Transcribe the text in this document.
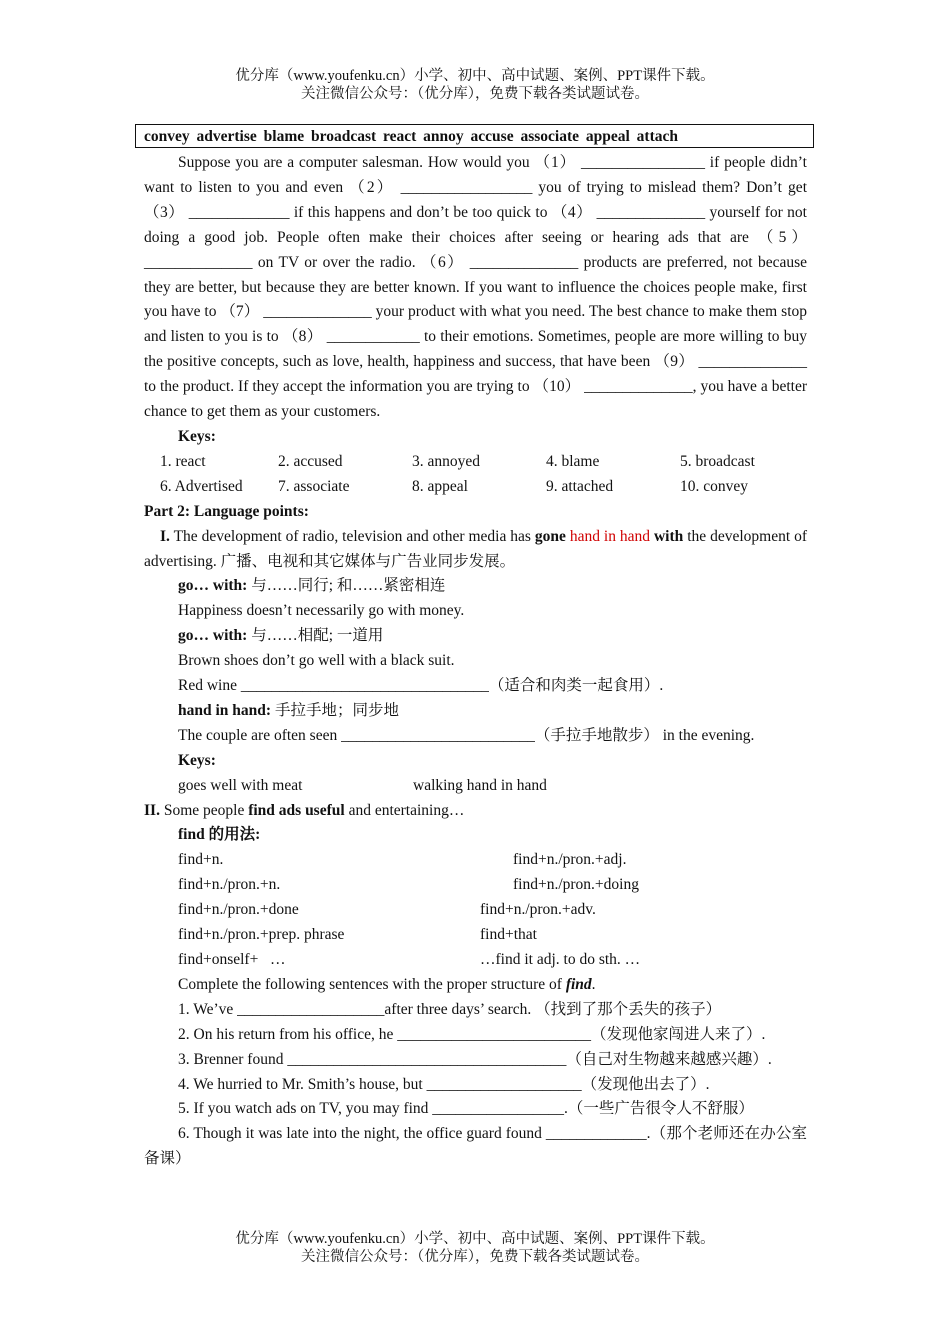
优分库（www.youfenku.cn）小学、初中、高中试题、案例、PPT课件下载。
关注微信公众号：（优分库），免费下载各类试题试卷。
convey advertise blame broadcast react annoy accuse associate appeal attach

Suppose you are a computer salesman. How would you （1） ________________ if people didn’t want to listen to you and even （2） _________________ you of trying to mislead them? Don’t get （3） _____________ if this happens and don’t be too quick to （4） ______________ yourself for not doing a good job. People often make their choices after seeing or hearing ads that are （5） ______________ on TV or over the radio. （6） ______________ products are preferred, not because they are better, but because they are better known. If you want to influence the choices people make, first you have to （7） ______________ your product with what you need. The best chance to make them stop and listen to you is to （8） ____________ to their emotions. Sometimes, people are more willing to buy the positive concepts, such as love, health, happiness and success, that have been （9） ______________ to the product. If they accept the information you are trying to （10） ______________, you have a better chance to get them as your customers.

Keys:

1. react	2. accused	3. annoyed	4. blame	5. broadcast
6. Advertised	7. associate	8. appeal	9. attached	10. convey

Part 2: Language points:

I. The development of radio, television and other media has gone hand in hand with the development of advertising. 广播、电视和其它媒体与广告业同步发展。

go… with: 与……同行; 和……紧密相连

Happiness doesn’t necessarily go with money.

go… with: 与……相配; 一道用

Brown shoes don’t go well with a black suit.

Red wine ________________________________（适合和肉类一起食用）.

hand in hand: 手拉手地；同步地

The couple are often seen _________________________（手拉手地散步） in the evening.

Keys:

goes well with meat	walking hand in hand

II. Some people find ads useful and entertaining…

find 的用法:

find+n.	find+n./pron.+adj.
find+n./pron.+n.	find+n./pron.+doing
find+n./pron.+done	find+n./pron.+adv.
find+n./pron.+prep. phrase	find+that
find+onself+   …	…find it adj. to do sth. …

Complete the following sentences with the proper structure of find.

1. We’ve ___________________after three days’ search. （找到了那个丢失的孩子）

2. On his return from his office, he _________________________（发现他家闯进人来了）.

3. Brenner found ____________________________________（自己对生物越来越感兴趣）.

4. We hurried to Mr. Smith’s house, but ____________________（发现他出去了）.

5. If you watch ads on TV, you may find _________________.（一些广告很令人不舒服）

6. Though it was late into the night, the office guard found _____________.（那个老师还在办公室备课）

优分库（www.youfenku.cn）小学、初中、高中试题、案例、PPT课件下载。
关注微信公众号：（优分库），免费下载各类试题试卷。
